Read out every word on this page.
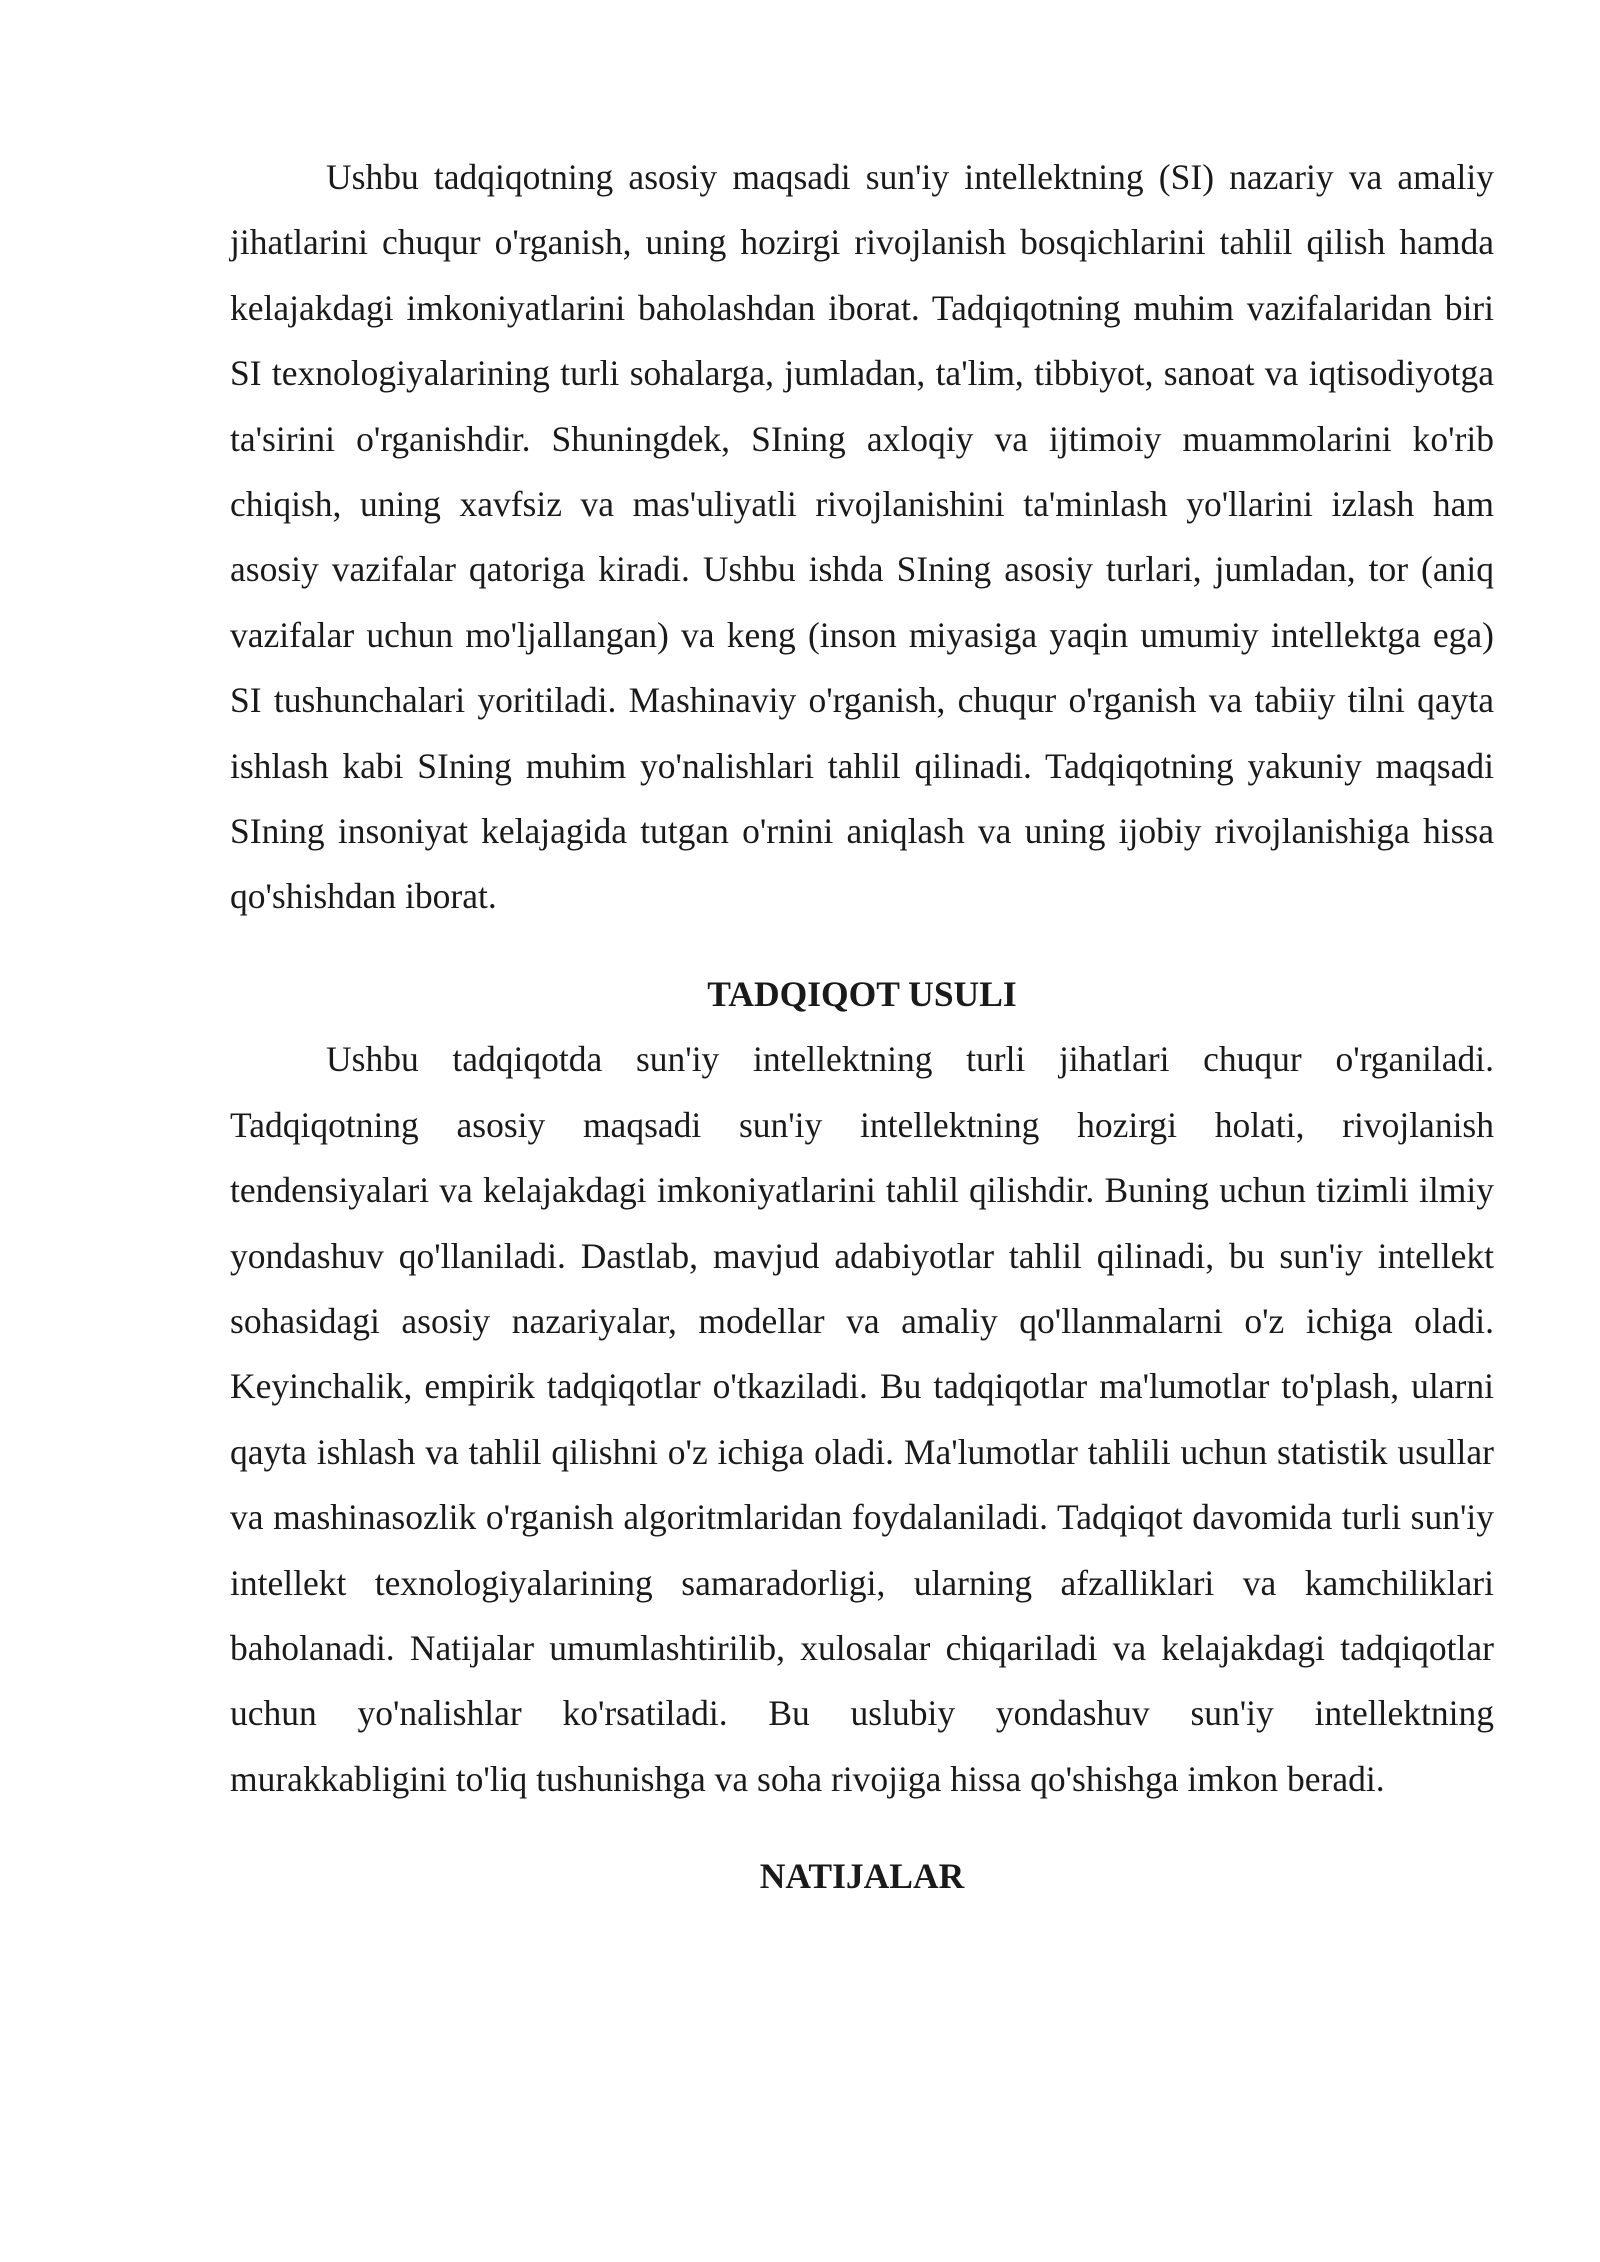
Ushbu tadqiqotning asosiy maqsadi sun'iy intellektning (SI) nazariy va amaliy jihatlarini chuqur o'rganish, uning hozirgi rivojlanish bosqichlarini tahlil qilish hamda kelajakdagi imkoniyatlarini baholashdan iborat. Tadqiqotning muhim vazifalaridan biri SI texnologiyalarining turli sohalarga, jumladan, ta'lim, tibbiyot, sanoat va iqtisodiyotga ta'sirini o'rganishdir. Shuningdek, SIning axloqiy va ijtimoiy muammolarini ko'rib chiqish, uning xavfsiz va mas'uliyatli rivojlanishini ta'minlash yo'llarini izlash ham asosiy vazifalar qatoriga kiradi. Ushbu ishda SIning asosiy turlari, jumladan, tor (aniq vazifalar uchun mo'ljallangan) va keng (inson miyasiga yaqin umumiy intellektga ega) SI tushunchalari yoritiladi. Mashinaviy o'rganish, chuqur o'rganish va tabiiy tilni qayta ishlash kabi SIning muhim yo'nalishlari tahlil qilinadi. Tadqiqotning yakuniy maqsadi SIning insoniyat kelajagida tutgan o'rnini aniqlash va uning ijobiy rivojlanishiga hissa qo'shishdan iborat.

TADQIQOT USULI

Ushbu tadqiqotda sun'iy intellektning turli jihatlari chuqur o'rganiladi. Tadqiqotning asosiy maqsadi sun'iy intellektning hozirgi holati, rivojlanish tendensiyalari va kelajakdagi imkoniyatlarini tahlil qilishdir. Buning uchun tizimli ilmiy yondashuv qo'llaniladi. Dastlab, mavjud adabiyotlar tahlil qilinadi, bu sun'iy intellekt sohasidagi asosiy nazariyalar, modellar va amaliy qo'llanmalarni o'z ichiga oladi. Keyinchalik, empirik tadqiqotlar o'tkaziladi. Bu tadqiqotlar ma'lumotlar to'plash, ularni qayta ishlash va tahlil qilishni o'z ichiga oladi. Ma'lumotlar tahlili uchun statistik usullar va mashinasozlik o'rganish algoritmlaridan foydalaniladi. Tadqiqot davomida turli sun'iy intellekt texnologiyalarining samaradorligi, ularning afzalliklari va kamchiliklari baholanadi. Natijalar umumlashtirilib, xulosalar chiqariladi va kelajakdagi tadqiqotlar uchun yo'nalishlar ko'rsatiladi. Bu uslubiy yondashuv sun'iy intellektning murakkabligini to'liq tushunishga va soha rivojiga hissa qo'shishga imkon beradi.

NATIJALAR
